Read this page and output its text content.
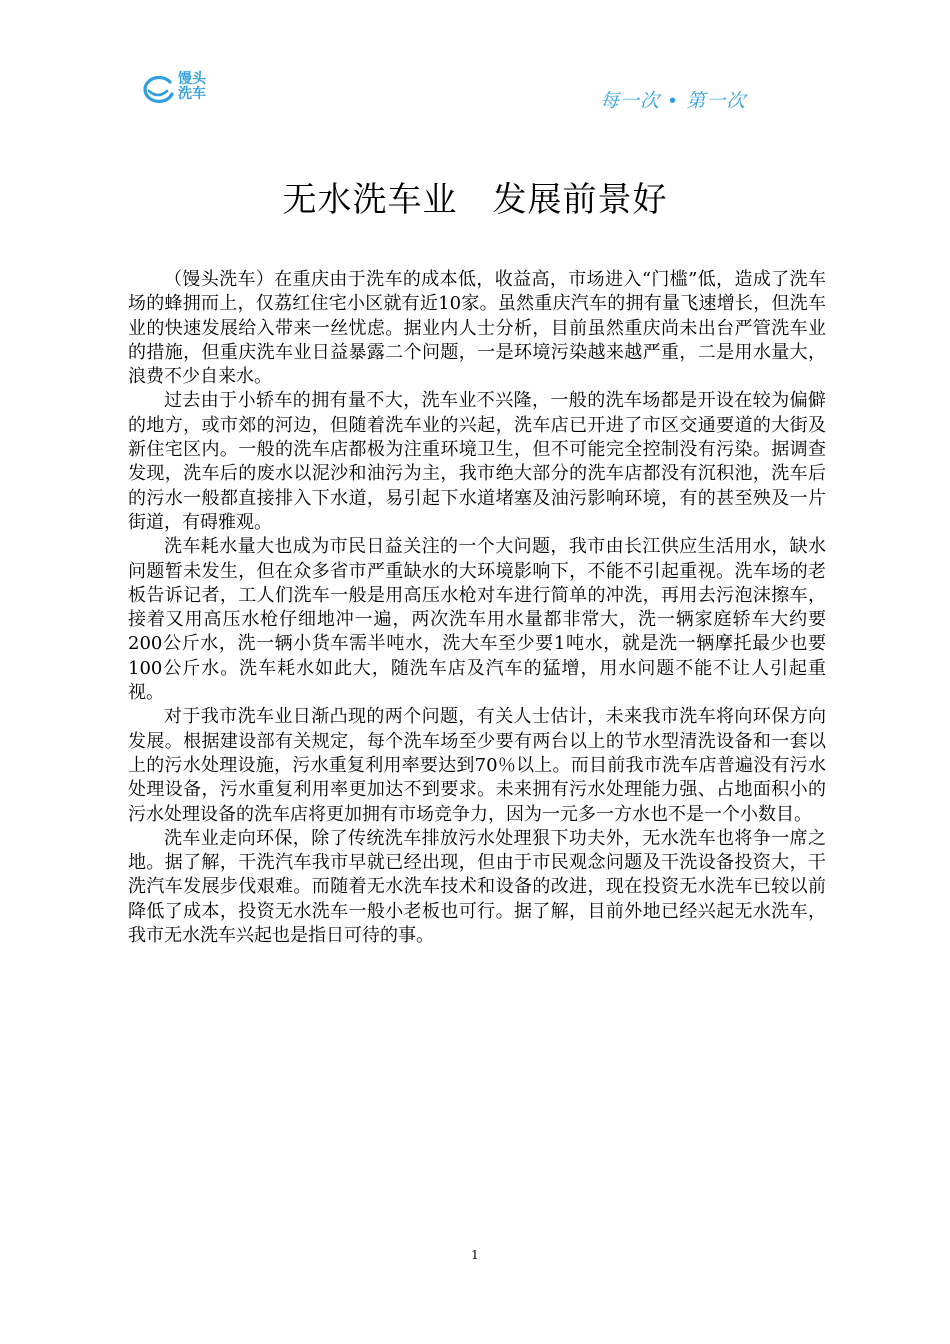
馒头
洗车	每一次 • 第一次
无水洗车业　发展前景好

（馒头洗车）在重庆由于洗车的成本低，收益高，市场进入“门槛”低，造成了洗车场的蜂拥而上，仅荔红住宅小区就有近10家。虽然重庆汽车的拥有量飞速增长，但洗车业的快速发展给入带来一丝忧虑。据业内人士分析，目前虽然重庆尚未出台严管洗车业的措施，但重庆洗车业日益暴露二个问题，一是环境污染越来越严重，二是用水量大，浪费不少自来水。

过去由于小轿车的拥有量不大，洗车业不兴隆，一般的洗车场都是开设在较为偏僻的地方，或市郊的河边，但随着洗车业的兴起，洗车店已开进了市区交通要道的大街及新住宅区内。一般的洗车店都极为注重环境卫生，但不可能完全控制没有污染。据调查发现，洗车后的废水以泥沙和油污为主，我市绝大部分的洗车店都没有沉积池，洗车后的污水一般都直接排入下水道，易引起下水道堵塞及油污影响环境，有的甚至殃及一片街道，有碍雅观。

洗车耗水量大也成为市民日益关注的一个大问题，我市由长江供应生活用水，缺水问题暂未发生，但在众多省市严重缺水的大环境影响下，不能不引起重视。洗车场的老板告诉记者，工人们洗车一般是用高压水枪对车进行简单的冲洗，再用去污泡沫擦车，接着又用高压水枪仔细地冲一遍，两次洗车用水量都非常大，洗一辆家庭轿车大约要200公斤水，洗一辆小货车需半吨水，洗大车至少要1吨水，就是洗一辆摩托最少也要100公斤水。洗车耗水如此大，随洗车店及汽车的猛增，用水问题不能不让人引起重视。

对于我市洗车业日渐凸现的两个问题，有关人士估计，未来我市洗车将向环保方向发展。根据建设部有关规定，每个洗车场至少要有两台以上的节水型清洗设备和一套以上的污水处理设施，污水重复利用率要达到70％以上。而目前我市洗车店普遍没有污水处理设备，污水重复利用率更加达不到要求。未来拥有污水处理能力强、占地面积小的污水处理设备的洗车店将更加拥有市场竞争力，因为一元多一方水也不是一个小数目。

洗车业走向环保，除了传统洗车排放污水处理狠下功夫外，无水洗车也将争一席之地。据了解，干洗汽车我市早就已经出现，但由于市民观念问题及干洗设备投资大，干洗汽车发展步伐艰难。而随着无水洗车技术和设备的改进，现在投资无水洗车已较以前降低了成本，投资无水洗车一般小老板也可行。据了解，目前外地已经兴起无水洗车，我市无水洗车兴起也是指日可待的事。

1
